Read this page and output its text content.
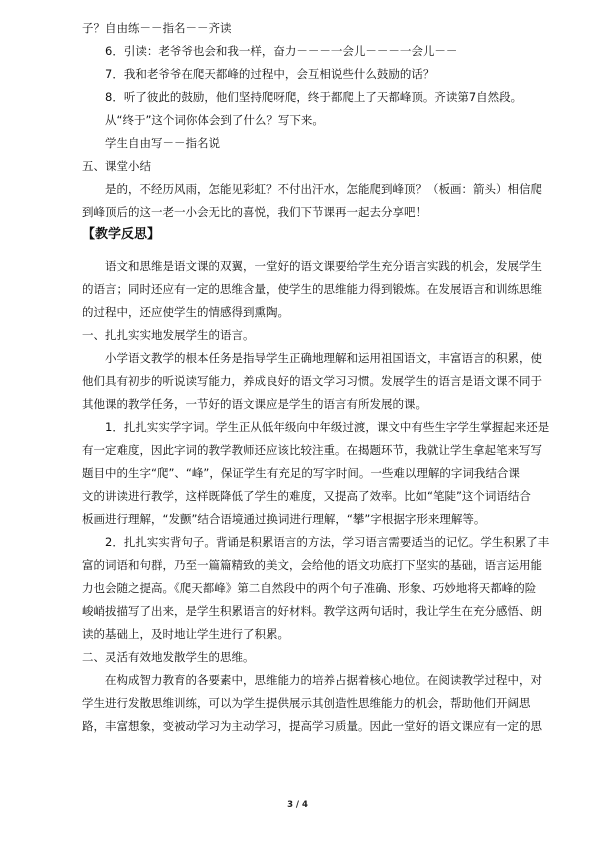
子？自由练－－指名－－齐读
6．引读：老爷爷也会和我一样，奋力－－－一会儿－－－一会儿－－
7．我和老爷爷在爬天都峰的过程中，会互相说些什么鼓励的话？
8．听了彼此的鼓励，他们坚持爬呀爬，终于都爬上了天都峰顶。齐读第7自然段。
从“终于”这个词你体会到了什么？写下来。
学生自由写－－指名说
五、课堂小结
是的，不经历风雨，怎能见彩虹？不付出汗水，怎能爬到峰顶？（板画：箭头）相信爬
到峰顶后的这一老一小会无比的喜悦，我们下节课再一起去分享吧！
【教学反思】
语文和思维是语文课的双翼，一堂好的语文课要给学生充分语言实践的机会，发展学生
的语言；同时还应有一定的思维含量，使学生的思维能力得到锻炼。在发展语言和训练思维
的过程中，还应使学生的情感得到熏陶。
一、扎扎实实地发展学生的语言。
小学语文教学的根本任务是指导学生正确地理解和运用祖国语文，丰富语言的积累，使
他们具有初步的听说读写能力，养成良好的语文学习习惯。发展学生的语言是语文课不同于
其他课的教学任务，一节好的语文课应是学生的语言有所发展的课。
1．扎扎实实学字词。学生正从低年级向中年级过渡，课文中有些生字学生掌握起来还是
有一定难度，因此字词的教学教师还应该比较注重。在揭题环节，我就让学生拿起笔来写写
题目中的生字“爬”、“峰”，保证学生有充足的写字时间。一些难以理解的字词我结合课
文的讲读进行教学，这样既降低了学生的难度，又提高了效率。比如“笔陡”这个词语结合
板画进行理解，“发颤”结合语境通过换词进行理解，“攀”字根据字形来理解等。
2．扎扎实实背句子。背诵是积累语言的方法，学习语言需要适当的记忆。学生积累了丰
富的词语和句群，乃至一篇篇精致的美文，会给他的语文功底打下坚实的基础，语言运用能
力也会随之提高。《爬天都峰》第二自然段中的两个句子准确、形象、巧妙地将天都峰的险
峻峭拔描写了出来，是学生积累语言的好材料。教学这两句话时，我让学生在充分感悟、朗
读的基础上，及时地让学生进行了积累。
二、灵活有效地发散学生的思维。
在构成智力教育的各要素中，思维能力的培养占据着核心地位。在阅读教学过程中，对
学生进行发散思维训练，可以为学生提供展示其创造性思维能力的机会，帮助他们开阔思
路，丰富想象，变被动学习为主动学习，提高学习质量。因此一堂好的语文课应有一定的思
3 / 4
